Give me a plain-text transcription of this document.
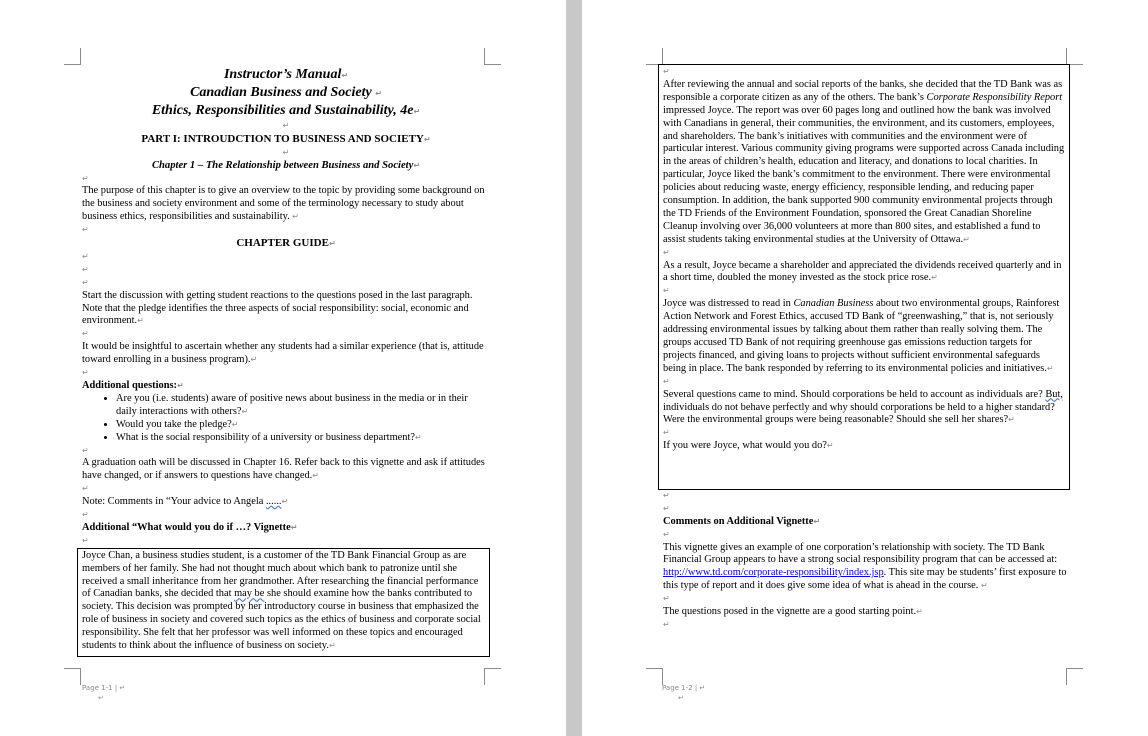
Instructor’s Manual↵
Canadian Business and Society ↵
Ethics, Responsibilities and Sustainability, 4e↵
↵
PART I: INTROUDCTION TO BUSINESS AND SOCIETY↵
↵
Chapter 1 – The Relationship between Business and Society↵
↵
The purpose of this chapter is to give an overview to the topic by providing some background on the business and society environment and some of the terminology necessary to study about business ethics, responsibilities and sustainability. ↵
↵
CHAPTER GUIDE↵
↵
↵
↵
Start the discussion with getting student reactions to the questions posed in the last paragraph. Note that the pledge identifies the three aspects of social responsibility: social, economic and environment.↵
↵
It would be insightful to ascertain whether any students had a similar experience (that is, attitude toward enrolling in a business program).↵
↵
Additional questions:↵
• Are you (i.e. students) aware of positive news about business in the media or in their daily interactions with others?↵
• Would you take the pledge?↵
• What is the social responsibility of a university or business department?↵
↵
A graduation oath will be discussed in Chapter 16. Refer back to this vignette and ask if attitudes have changed, or if answers to questions have changed.↵
↵
Note: Comments in “Your advice to Angela ......↵
↵
Additional “What would you do if …? Vignette↵
↵
Joyce Chan, a business studies student, is a customer of the TD Bank Financial Group as are members of her family. She had not thought much about which bank to patronize until she received a small inheritance from her grandmother. After researching the financial performance of Canadian banks, she decided that may be she should examine how the banks contributed to society. This decision was prompted by her introductory course in business that emphasized the role of business in society and covered such topics as the ethics of business and corporate social responsibility. She felt that her professor was well informed on these topics and encouraged students to think about the influence of business on society.↵
Page 1-1 | ↵
↵
↵
After reviewing the annual and social reports of the banks, she decided that the TD Bank was as responsible a corporate citizen as any of the others. The bank’s Corporate Responsibility Report impressed Joyce. The report was over 60 pages long and outlined how the bank was involved with Canadians in general, their communities, the environment, and its customers, employees, and shareholders. The bank’s initiatives with communities and the environment were of particular interest. Various community giving programs were supported across Canada including in the areas of children’s health, education and literacy, and donations to local charities. In particular, Joyce liked the bank’s commitment to the environment. There were environmental policies about reducing waste, energy efficiency, responsible lending, and reducing paper consumption. In addition, the bank supported 900 community environmental projects through the TD Friends of the Environment Foundation, sponsored the Great Canadian Shoreline Cleanup involving over 36,000 volunteers at more than 800 sites, and established a fund to assist students taking environmental studies at the University of Ottawa.↵
↵
As a result, Joyce became a shareholder and appreciated the dividends received quarterly and in a short time, doubled the money invested as the stock price rose.↵
↵
Joyce was distressed to read in Canadian Business about two environmental groups, Rainforest Action Network and Forest Ethics, accused TD Bank of “greenwashing,” that is, not seriously addressing environmental issues by talking about them rather than really solving them. The groups accused TD Bank of not requiring greenhouse gas emissions reduction targets for projects financed, and giving loans to projects without sufficient environmental safeguards being in place. The bank responded by referring to its environmental policies and initiatives.↵
↵
Several questions came to mind. Should corporations be held to account as individuals are? But, individuals do not behave perfectly and why should corporations be held to a higher standard? Were the environmental groups were being reasonable? Should she sell her shares?↵
↵
If you were Joyce, what would you do?↵
↵
↵
Comments on Additional Vignette↵
↵
This vignette gives an example of one corporation’s relationship with society. The TD Bank Financial Group appears to have a strong social responsibility program that can be accessed at: http://www.td.com/corporate-responsibility/index.jsp. This site may be students’ first exposure to this type of report and it does give some idea of what is ahead in the course. ↵
↵
The questions posed in the vignette are a good starting point.↵
↵
Page 1-2 | ↵
↵
